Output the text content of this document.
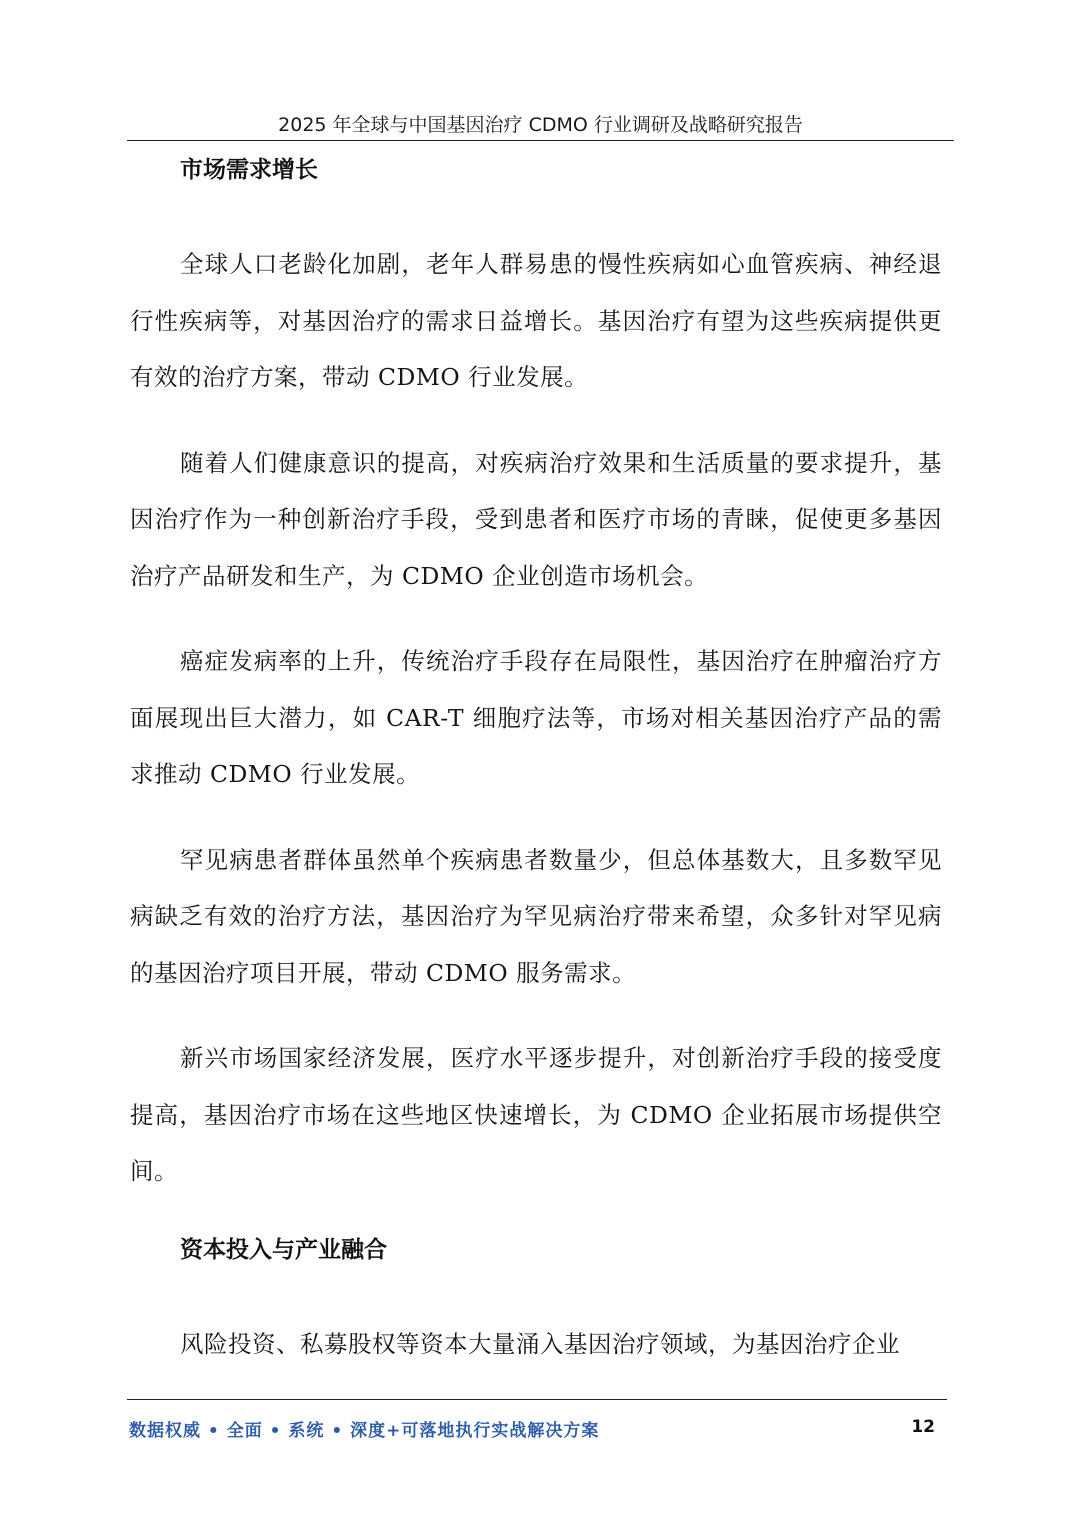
2025 年全球与中国基因治疗 CDMO 行业调研及战略研究报告
市场需求增长

全球人口老龄化加剧，老年人群易患的慢性疾病如心血管疾病、神经退行性疾病等，对基因治疗的需求日益增长。基因治疗有望为这些疾病提供更有效的治疗方案，带动 CDMO 行业发展。

随着人们健康意识的提高，对疾病治疗效果和生活质量的要求提升，基因治疗作为一种创新治疗手段，受到患者和医疗市场的青睐，促使更多基因治疗产品研发和生产，为 CDMO 企业创造市场机会。

癌症发病率的上升，传统治疗手段存在局限性，基因治疗在肿瘤治疗方面展现出巨大潜力，如 CAR-T 细胞疗法等，市场对相关基因治疗产品的需求推动 CDMO 行业发展。

罕见病患者群体虽然单个疾病患者数量少，但总体基数大，且多数罕见病缺乏有效的治疗方法，基因治疗为罕见病治疗带来希望，众多针对罕见病的基因治疗项目开展，带动 CDMO 服务需求。

新兴市场国家经济发展，医疗水平逐步提升，对创新治疗手段的接受度提高，基因治疗市场在这些地区快速增长，为 CDMO 企业拓展市场提供空间。

资本投入与产业融合

风险投资、私募股权等资本大量涌入基因治疗领域，为基因治疗企业

数据权威 • 全面 • 系统 • 深度+可落地执行实战解决方案	12
